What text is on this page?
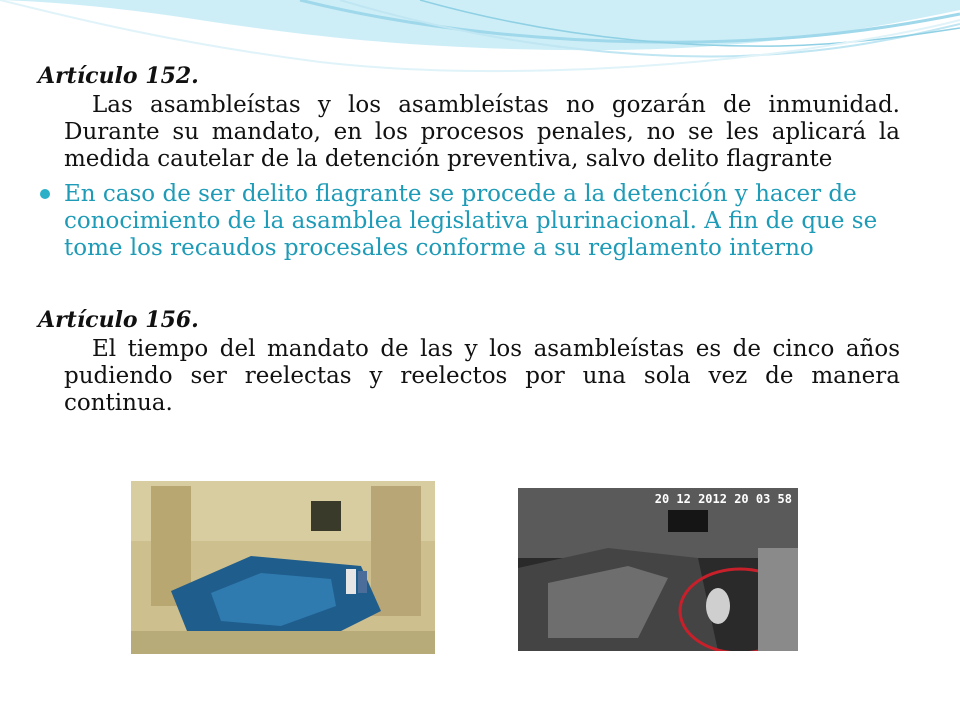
Artículo 152.

Las asambleístas y los asambleístas no gozarán de inmunidad. Durante su mandato, en los procesos penales, no se les aplicará la medida cautelar de la detención preventiva, salvo delito flagrante

En caso de ser delito flagrante se procede a la detención y hacer de conocimiento de la asamblea legislativa plurinacional. A fin de que se tome los recaudos procesales conforme a su reglamento interno

Artículo 156.

El tiempo del mandato de las y los asambleístas es de cinco años pudiendo ser reelectas y reelectos por una sola vez de manera continua.

20 12 2012 20 03 58
